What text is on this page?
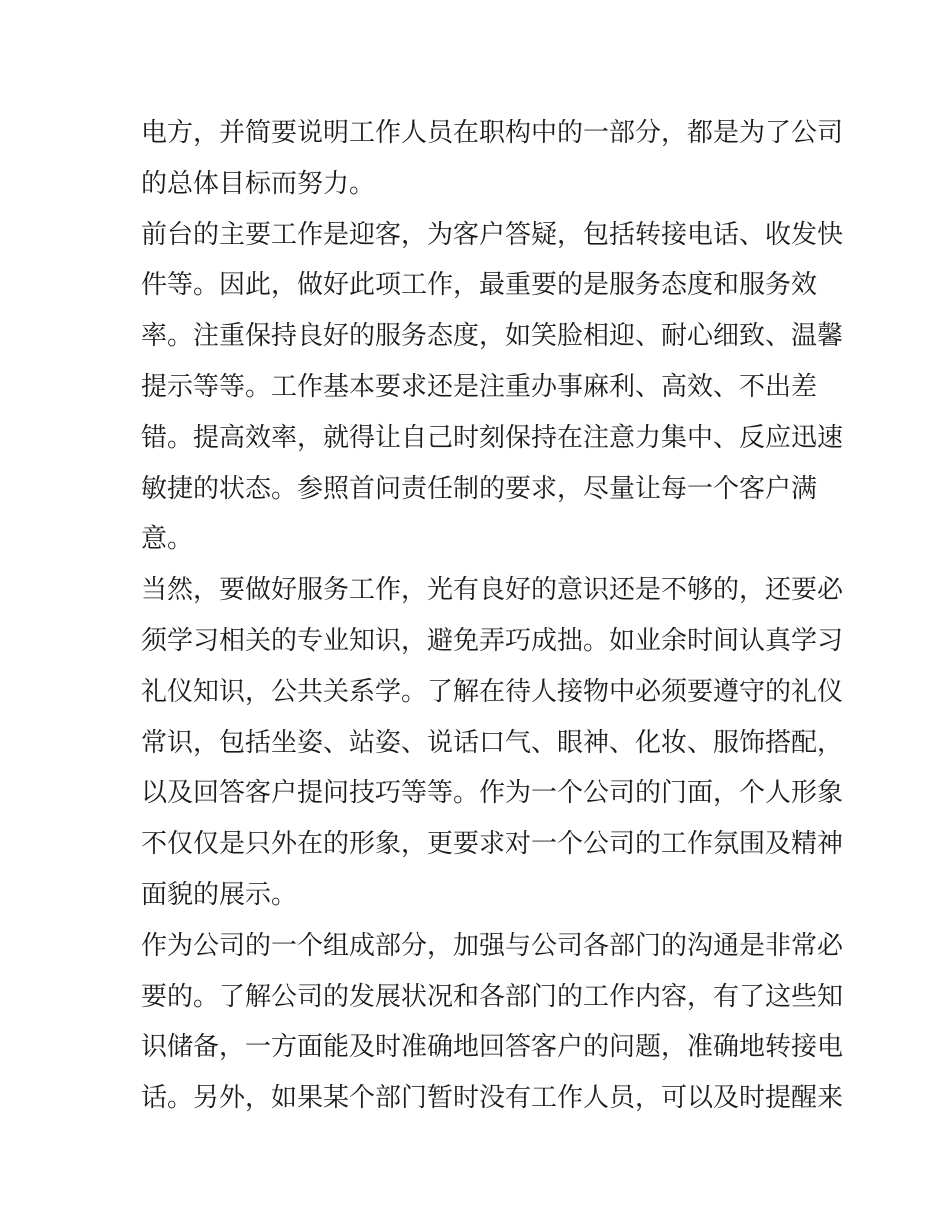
电方，并简要说明工作人员在职构中的一部分，都是为了公司
的总体目标而努力。
前台的主要工作是迎客，为客户答疑，包括转接电话、收发快
件等。因此，做好此项工作，最重要的是服务态度和服务效
率。注重保持良好的服务态度，如笑脸相迎、耐心细致、温馨
提示等等。工作基本要求还是注重办事麻利、高效、不出差
错。提高效率，就得让自己时刻保持在注意力集中、反应迅速
敏捷的状态。参照首问责任制的要求，尽量让每一个客户满
意。
当然，要做好服务工作，光有良好的意识还是不够的，还要必
须学习相关的专业知识，避免弄巧成拙。如业余时间认真学习
礼仪知识，公共关系学。了解在待人接物中必须要遵守的礼仪
常识，包括坐姿、站姿、说话口气、眼神、化妆、服饰搭配，
以及回答客户提问技巧等等。作为一个公司的门面，个人形象
不仅仅是只外在的形象，更要求对一个公司的工作氛围及精神
面貌的展示。
作为公司的一个组成部分，加强与公司各部门的沟通是非常必
要的。了解公司的发展状况和各部门的工作内容，有了这些知
识储备，一方面能及时准确地回答客户的问题，准确地转接电
话。另外，如果某个部门暂时没有工作人员，可以及时提醒来
